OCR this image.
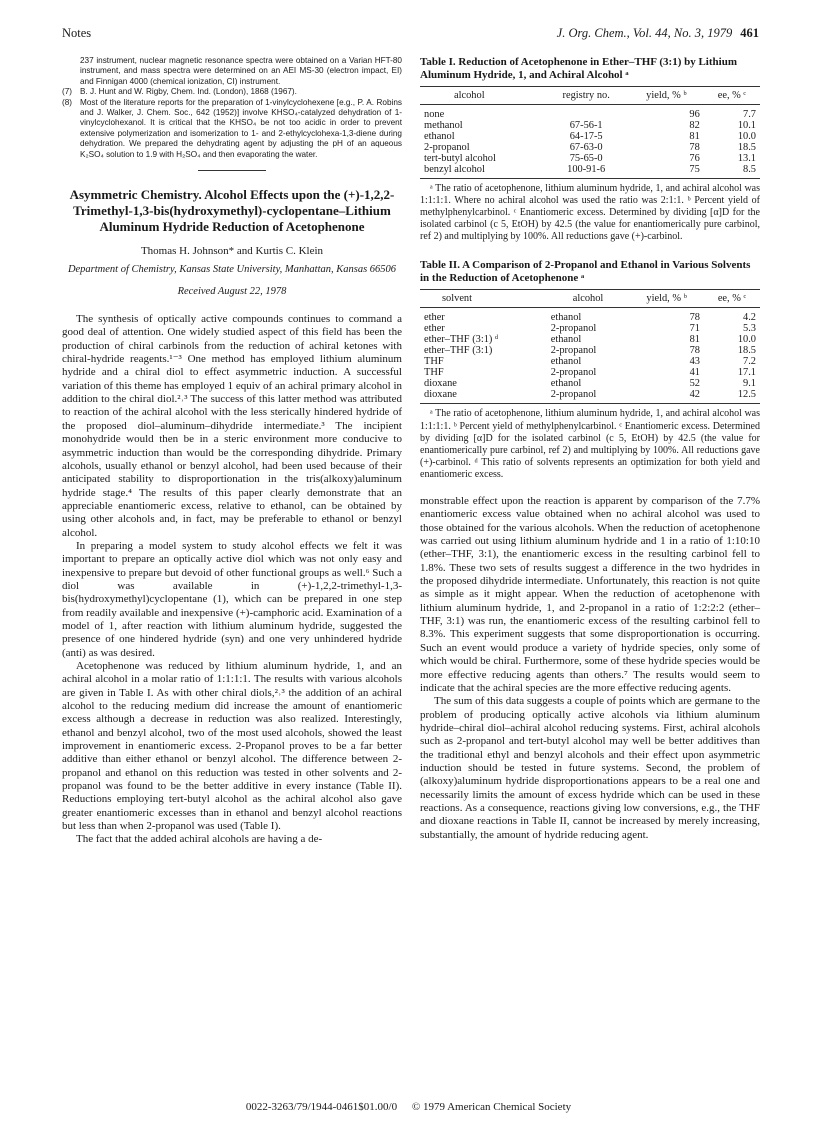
Notes	J. Org. Chem., Vol. 44, No. 3, 1979 461
237 instrument, nuclear magnetic resonance spectra were obtained on a Varian HFT-80 instrument, and mass spectra were determined on an AEI MS-30 (electron impact, EI) and Finnigan 4000 (chemical ionization, CI) instrument.
(7) B. J. Hunt and W. Rigby, Chem. Ind. (London), 1868 (1967).
(8) Most of the literature reports for the preparation of 1-vinylcyclohexene [e.g., P. A. Robins and J. Walker, J. Chem. Soc., 642 (1952)] involve KHSO₄-catalyzed dehydration of 1-vinylcyclohexanol. It is critical that the KHSO₄ be not too acidic in order to prevent extensive polymerization and isomerization to 1- and 2-ethylcyclohexa-1,3-diene during dehydration. We prepared the dehydrating agent by adjusting the pH of an aqueous K₂SO₄ solution to 1.9 with H₂SO₄ and then evaporating the water.
Asymmetric Chemistry. Alcohol Effects upon the (+)-1,2,2-Trimethyl-1,3-bis(hydroxymethyl)-cyclopentane–Lithium Aluminum Hydride Reduction of Acetophenone
Thomas H. Johnson* and Kurtis C. Klein
Department of Chemistry, Kansas State University, Manhattan, Kansas 66506
Received August 22, 1978

The synthesis of optically active compounds continues to command a good deal of attention. One widely studied aspect of this field has been the production of chiral carbinols from the reduction of achiral ketones with chiral-hydride reagents.¹⁻³ One method has employed lithium aluminum hydride and a chiral diol to effect asymmetric induction. A successful variation of this theme has employed 1 equiv of an achiral primary alcohol in addition to the chiral diol.²˒³ The success of this latter method was attributed to reaction of the achiral alcohol with the less sterically hindered hydride of the proposed diol–aluminum–dihydride intermediate.³ The incipient monohydride would then be in a steric environment more conducive to asymmetric induction than would be the corresponding dihydride. Primary alcohols, usually ethanol or benzyl alcohol, had been used because of their anticipated stability to disproportionation in the tris(alkoxy)aluminum hydride stage.⁴ The results of this paper clearly demonstrate that an appreciable enantiomeric excess, relative to ethanol, can be obtained by using other alcohols and, in fact, may be preferable to ethanol or benzyl alcohol.

In preparing a model system to study alcohol effects we felt it was important to prepare an optically active diol which was not only easy and inexpensive to prepare but devoid of other functional groups as well.⁶ Such a diol was available in (+)-1,2,2-trimethyl-1,3-bis(hydroxymethyl)cyclopentane (1), which can be prepared in one step from readily available and inexpensive (+)-camphoric acid. Examination of a model of 1, after reaction with lithium aluminum hydride, suggested the presence of one hindered hydride (syn) and one very unhindered hydride (anti) as was desired.

Acetophenone was reduced by lithium aluminum hydride, 1, and an achiral alcohol in a molar ratio of 1:1:1:1. The results with various alcohols are given in Table I. As with other chiral diols,²˒³ the addition of an achiral alcohol to the reducing medium did increase the amount of enantiomeric excess although a decrease in reduction was also realized. Interestingly, ethanol and benzyl alcohol, two of the most used alcohols, showed the least improvement in enantiomeric excess. 2-Propanol proves to be a far better additive than either ethanol or benzyl alcohol. The difference between 2-propanol and ethanol on this reduction was tested in other solvents and 2-propanol was found to be the better additive in every instance (Table II). Reductions employing tert-butyl alcohol as the achiral alcohol also gave greater enantiomeric excesses than in ethanol and benzyl alcohol reactions but less than when 2-propanol was used (Table I).

The fact that the added achiral alcohols are having a de-

Table I. Reduction of Acetophenone in Ether–THF (3:1) by Lithium Aluminum Hydride, 1, and Achiral Alcohol ᵃ
alcohol	registry no.	yield, % ᵇ	ee, % ᶜ
none		96	7.7
methanol	67-56-1	82	10.1
ethanol	64-17-5	81	10.0
2-propanol	67-63-0	78	18.5
tert-butyl alcohol	75-65-0	76	13.1
benzyl alcohol	100-91-6	75	8.5

ᵃ The ratio of acetophenone, lithium aluminum hydride, 1, and achiral alcohol was 1:1:1:1. Where no achiral alcohol was used the ratio was 2:1:1. ᵇ Percent yield of methylphenylcarbinol. ᶜ Enantiomeric excess. Determined by dividing [α]D for the isolated carbinol (c 5, EtOH) by 42.5 (the value for enantiomerically pure carbinol, ref 2) and multiplying by 100%. All reductions gave (+)-carbinol.

Table II. A Comparison of 2-Propanol and Ethanol in Various Solvents in the Reduction of Acetophenone ᵃ
solvent	alcohol	yield, % ᵇ	ee, % ᶜ
ether	ethanol	78	4.2
ether	2-propanol	71	5.3
ether–THF (3:1) ᵈ	ethanol	81	10.0
ether–THF (3:1)	2-propanol	78	18.5
THF	ethanol	43	7.2
THF	2-propanol	41	17.1
dioxane	ethanol	52	9.1
dioxane	2-propanol	42	12.5

ᵃ The ratio of acetophenone, lithium aluminum hydride, 1, and achiral alcohol was 1:1:1:1. ᵇ Percent yield of methylphenylcarbinol. ᶜ Enantiomeric excess. Determined by dividing [α]D for the isolated carbinol (c 5, EtOH) by 42.5 (the value for enantiomerically pure carbinol, ref 2) and multiplying by 100%. All reductions gave (+)-carbinol. ᵈ This ratio of solvents represents an optimization for both yield and enantiomeric excess.

monstrable effect upon the reaction is apparent by comparison of the 7.7% enantiomeric excess value obtained when no achiral alcohol was used to those obtained for the various alcohols. When the reduction of acetophenone was carried out using lithium aluminum hydride and 1 in a ratio of 1:10:10 (ether–THF, 3:1), the enantiomeric excess in the resulting carbinol fell to 1.8%. These two sets of results suggest a difference in the two hydrides in the proposed dihydride intermediate. Unfortunately, this reaction is not quite as simple as it might appear. When the reduction of acetophenone with lithium aluminum hydride, 1, and 2-propanol in a ratio of 1:2:2:2 (ether–THF, 3:1) was run, the enantiomeric excess of the resulting carbinol fell to 8.3%. This experiment suggests that some disproportionation is occurring. Such an event would produce a variety of hydride species, only some of which would be chiral. Furthermore, some of these hydride species would be more effective reducing agents than others.⁷ The results would seem to indicate that the achiral species are the more effective reducing agents.

The sum of this data suggests a couple of points which are germane to the problem of producing optically active alcohols via lithium aluminum hydride–chiral diol–achiral alcohol reducing systems. First, achiral alcohols such as 2-propanol and tert-butyl alcohol may well be better additives than the traditional ethyl and benzyl alcohols and their effect upon asymmetric induction should be tested in future systems. Second, the problem of (alkoxy)aluminum hydride disproportionations appears to be a real one and necessarily limits the amount of excess hydride which can be used in these reactions. As a consequence, reactions giving low conversions, e.g., the THF and dioxane reactions in Table II, cannot be increased by merely increasing, substantially, the amount of hydride reducing agent.

0022-3263/79/1944-0461$01.00/0 © 1979 American Chemical Society
